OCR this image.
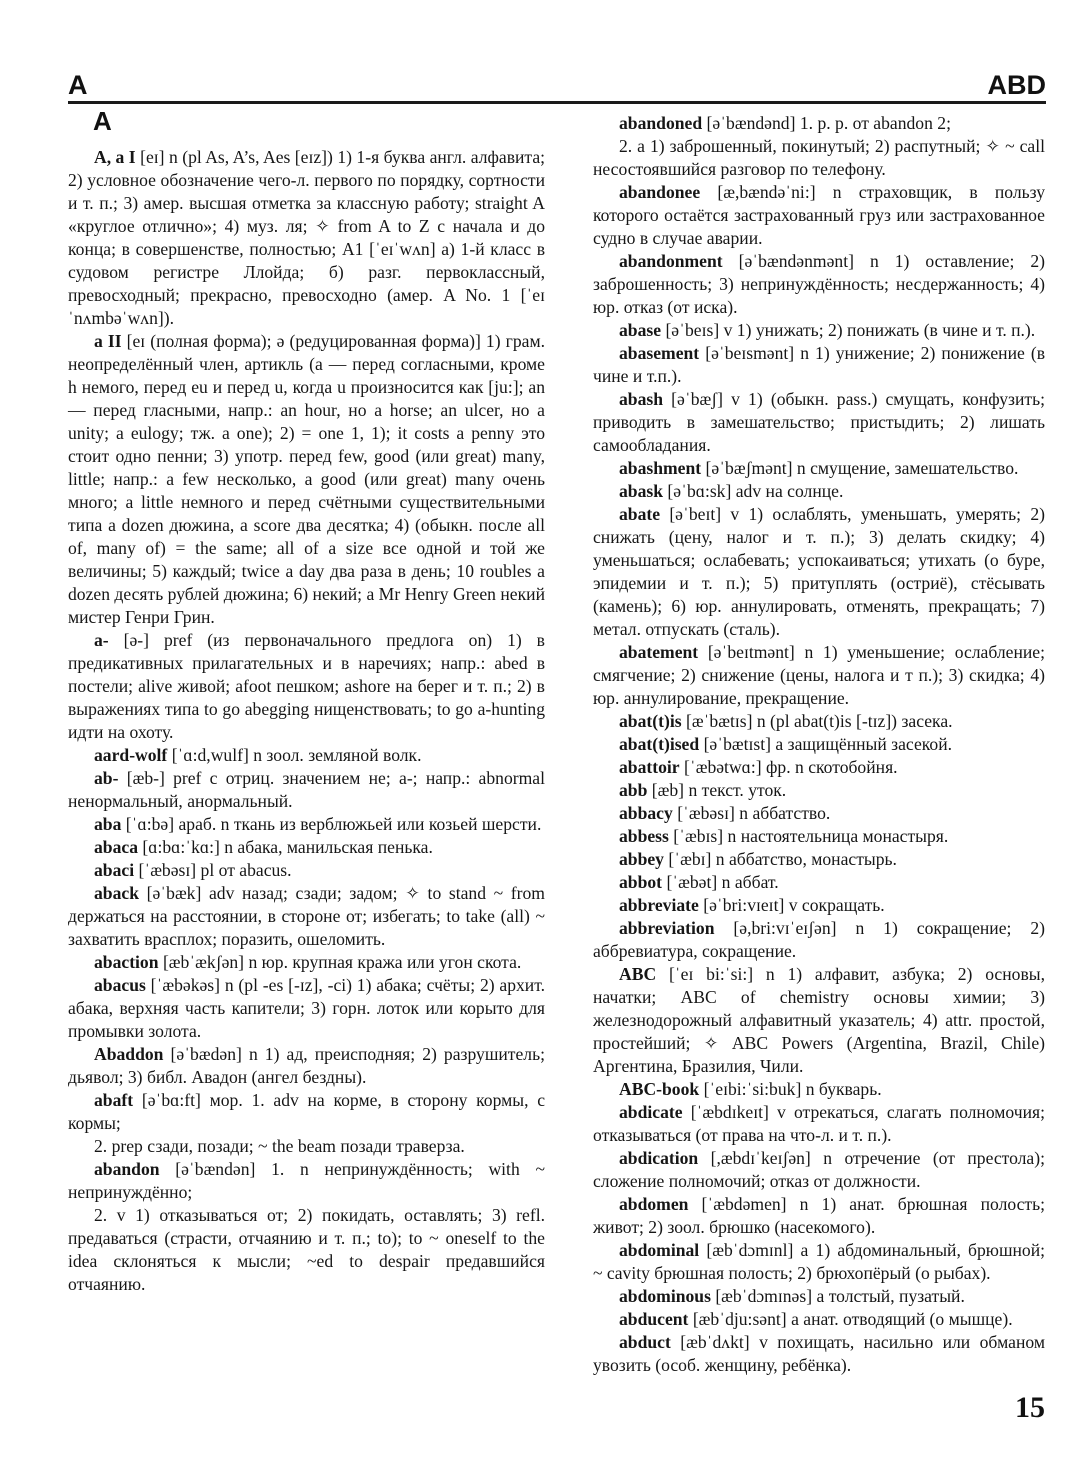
A	ABD
A

A, a I [eɪ] n (pl As, A’s, Aes [eɪz]) 1) 1-я буква англ. алфавита; 2) условное обозначение чего-л. первого по порядку, сортности и т. п.; 3) амер. высшая отметка за классную работу; straight A «круглое отлично»; 4) муз. ля; ✧ from A to Z с начала и до конца; в совершенстве, полностью; A1 [ˈeɪˈwʌn] а) 1-й класс в судовом регистре Ллойда; б) разг. первоклассный, превосходный; прекрасно, превосходно (амер. A No. 1 [ˈeɪˈnʌmbəˈwʌn]).

a II [eɪ (полная форма); ə (редуцированная форма)] 1) грам. неопределённый член, артикль (a — перед согласными, кроме h немого, перед eu и перед u, когда u произносится как [ju:]; an — перед гласными, напр.: an hour, но a horse; an ulcer, но a unity; a eulogy; тж. a one); 2) = one 1, 1); it costs a penny это стоит одно пенни; 3) употр. перед few, good (или great) many, little; напр.: a few несколько, a good (или great) many очень много; a little немного и перед счётными существительными типа a dozen дюжина, a score два десятка; 4) (обыкн. после all of, many of) = the same; all of a size все одной и той же величины; 5) каждый; twice a day два раза в день; 10 roubles a dozen десять рублей дюжина; 6) некий; a Mr Henry Green некий мистер Генри Грин.

a- [ə-] pref (из первоначального предлога on) 1) в предикативных прилагательных и в наречиях; напр.: abed в постели; alive живой; afoot пешком; ashore на берег и т. п.; 2) в выражениях типа to go abegging нищенствовать; to go a-hunting идти на охоту.

aard-wolf [ˈɑ:d,wulf] n зоол. земляной волк.

ab- [æb-] pref с отриц. значением не; а-; напр.: abnormal ненормальный, анормальный.

aba [ˈɑ:bə] араб. n ткань из верблюжьей или козьей шерсти.

abaca [ɑ:bɑ:ˈkɑ:] n абака, манильская пенька.

abaci [ˈæbəsɪ] pl от abacus.

aback [əˈbæk] adv назад; сзади; задом; ✧ to stand ~ from держаться на расстоянии, в стороне от; избегать; to take (all) ~ захватить врасплох; поразить, ошеломить.

abaction [æbˈækʃən] n юр. крупная кража или угон скота.

abacus [ˈæbəkəs] n (pl -es [-ɪz], -ci) 1) абака; счёты; 2) архит. абака, верхняя часть капители; 3) горн. лоток или корыто для промывки золота.

Abaddon [əˈbædən] n 1) ад, преисподняя; 2) разрушитель; дьявол; 3) библ. Авадон (ангел бездны).

abaft [əˈbɑ:ft] мор. 1. adv на корме, в сторону кормы, с кормы;

2. prep сзади, позади; ~ the beam позади траверза.

abandon [əˈbændən] 1. n непринуждённость; with ~ непринуждённо;

2. v 1) отказываться от; 2) покидать, оставлять; 3) refl. предаваться (страсти, отчаянию и т. п.; to); to ~ oneself to the idea склоняться к мысли; ~ed to despair предавшийся отчаянию.

abandoned [əˈbændənd] 1. p. p. от abandon 2;

2. a 1) заброшенный, покинутый; 2) распутный; ✧ ~ call несостоявшийся разговор по телефону.

abandonee [æ,bændəˈni:] n страховщик, в пользу которого остаётся застрахованный груз или застрахованное судно в случае аварии.

abandonment [əˈbændənmənt] n 1) оставление; 2) заброшенность; 3) непринуждённость; несдержанность; 4) юр. отказ (от иска).

abase [əˈbeɪs] v 1) унижать; 2) понижать (в чине и т. п.).

abasement [əˈbeɪsmənt] n 1) унижение; 2) понижение (в чине и т.п.).

abash [əˈbæʃ] v 1) (обыкн. pass.) смущать, конфузить; приводить в замешательство; пристыдить; 2) лишать самообладания.

abashment [əˈbæʃmənt] n смущение, замешательство.

abask [əˈbɑ:sk] adv на солнце.

abate [əˈbeɪt] v 1) ослаблять, уменьшать, умерять; 2) снижать (цену, налог и т. п.); 3) делать скидку; 4) уменьшаться; ослабевать; успокаиваться; утихать (о буре, эпидемии и т. п.); 5) притуплять (остриё), стёсывать (камень); 6) юр. аннулировать, отменять, прекращать; 7) метал. отпускать (сталь).

abatement [əˈbeɪtmənt] n 1) уменьшение; ослабление; смягчение; 2) снижение (цены, налога и т п.); 3) скидка; 4) юр. аннулирование, прекращение.

abat(t)is [æˈbætɪs] n (pl abat(t)is [-tɪz]) засека.

abat(t)ised [əˈbætɪst] a защищённый засекой.

abattoir [ˈæbətwɑ:] фр. n скотобойня.

abb [æb] n текст. уток.

abbacy [ˈæbəsɪ] n аббатство.

abbess [ˈæbɪs] n настоятельница монастыря.

abbey [ˈæbɪ] n аббатство, монастырь.

abbot [ˈæbət] n аббат.

abbreviate [əˈbri:vɪeɪt] v сокращать.

abbreviation [ə,bri:vɪˈeɪʃən] n 1) сокращение; 2) аббревиатура, сокращение.

ABC [ˈeɪ bi:ˈsi:] n 1) алфавит, азбука; 2) основы, начатки; ABC of chemistry основы химии; 3) железнодорожный алфавитный указатель; 4) attr. простой, простейший; ✧ ABC Powers (Argentina, Brazil, Chile) Аргентина, Бразилия, Чили.

ABC-book [ˈeɪbi:ˈsi:buk] n букварь.

abdicate [ˈæbdɪkeɪt] v отрекаться, слагать полномочия; отказываться (от права на что-л. и т. п.).

abdication [,æbdɪˈkeɪʃən] n отречение (от престола); сложение полномочий; отказ от должности.

abdomen [ˈæbdəmen] n 1) анат. брюшная полость; живот; 2) зоол. брюшко (насекомого).

abdominal [æbˈdɔmɪnl] a 1) абдоминальный, брюшной; ~ cavity брюшная полость; 2) брюхопёрый (о рыбах).

abdominous [æbˈdɔmɪnəs] a толстый, пузатый.

abducent [æbˈdju:sənt] a анат. отводящий (о мышце).

abduct [æbˈdʌkt] v похищать, насильно или обманом увозить (особ. женщину, ребёнка).

15
